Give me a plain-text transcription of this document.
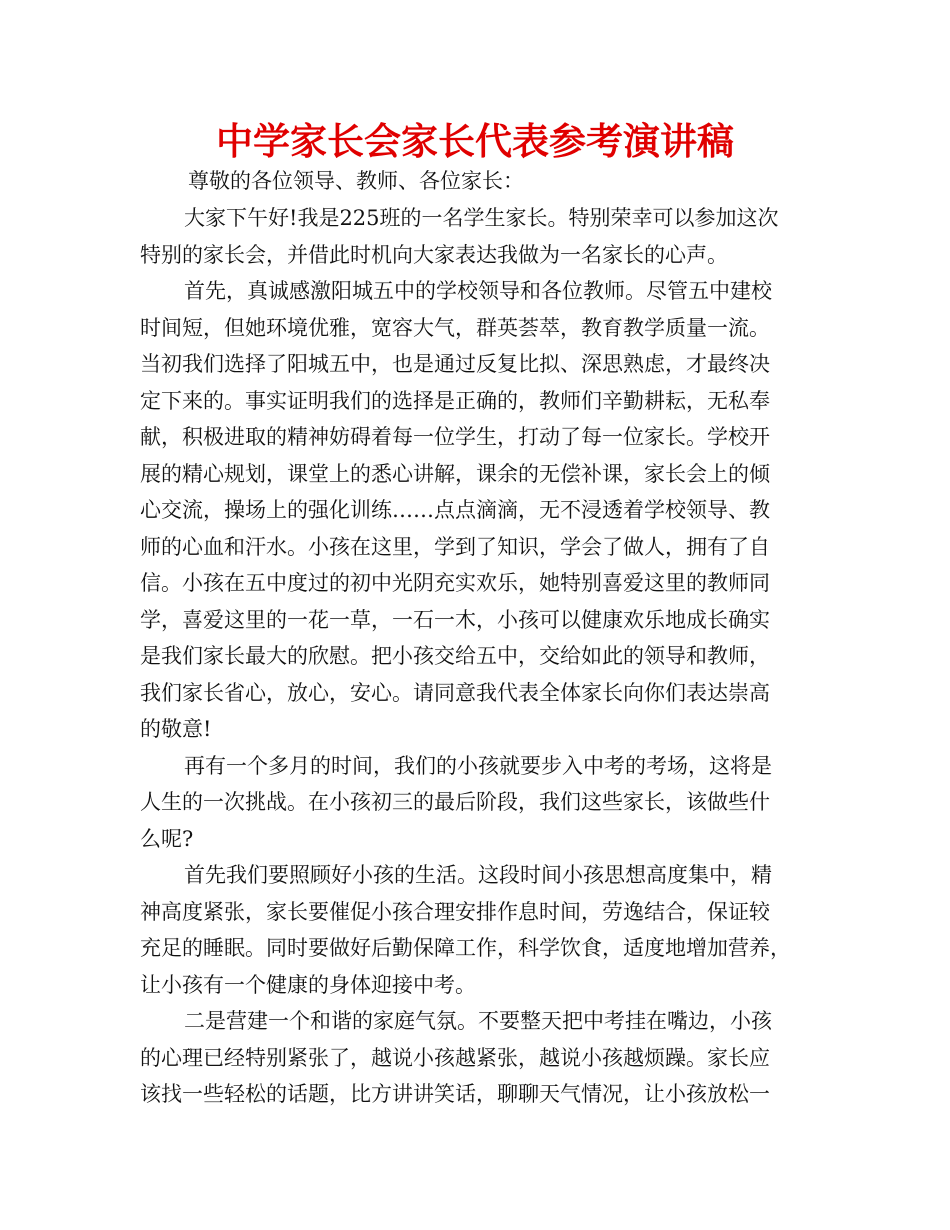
中学家长会家长代表参考演讲稿

尊敬的各位领导、教师、各位家长：

大家下午好!我是225班的一名学生家长。特别荣幸可以参加这次
特别的家长会，并借此时机向大家表达我做为一名家长的心声。
首先，真诚感激阳城五中的学校领导和各位教师。尽管五中建校
时间短，但她环境优雅，宽容大气，群英荟萃，教育教学质量一流。
当初我们选择了阳城五中，也是通过反复比拟、深思熟虑，才最终决
定下来的。事实证明我们的选择是正确的，教师们辛勤耕耘，无私奉
献，积极进取的精神妨碍着每一位学生，打动了每一位家长。学校开
展的精心规划，课堂上的悉心讲解，课余的无偿补课，家长会上的倾
心交流，操场上的强化训练……点点滴滴，无不浸透着学校领导、教
师的心血和汗水。小孩在这里，学到了知识，学会了做人，拥有了自
信。小孩在五中度过的初中光阴充实欢乐，她特别喜爱这里的教师同
学，喜爱这里的一花一草，一石一木，小孩可以健康欢乐地成长确实
是我们家长最大的欣慰。把小孩交给五中，交给如此的领导和教师，
我们家长省心，放心，安心。请同意我代表全体家长向你们表达崇高
的敬意!
再有一个多月的时间，我们的小孩就要步入中考的考场，这将是
人生的一次挑战。在小孩初三的最后阶段，我们这些家长，该做些什
么呢?
首先我们要照顾好小孩的生活。这段时间小孩思想高度集中，精
神高度紧张，家长要催促小孩合理安排作息时间，劳逸结合，保证较
充足的睡眠。同时要做好后勤保障工作，科学饮食，适度地增加营养，
让小孩有一个健康的身体迎接中考。
二是营建一个和谐的家庭气氛。不要整天把中考挂在嘴边，小孩
的心理已经特别紧张了，越说小孩越紧张，越说小孩越烦躁。家长应
该找一些轻松的话题，比方讲讲笑话，聊聊天气情况，让小孩放松一
